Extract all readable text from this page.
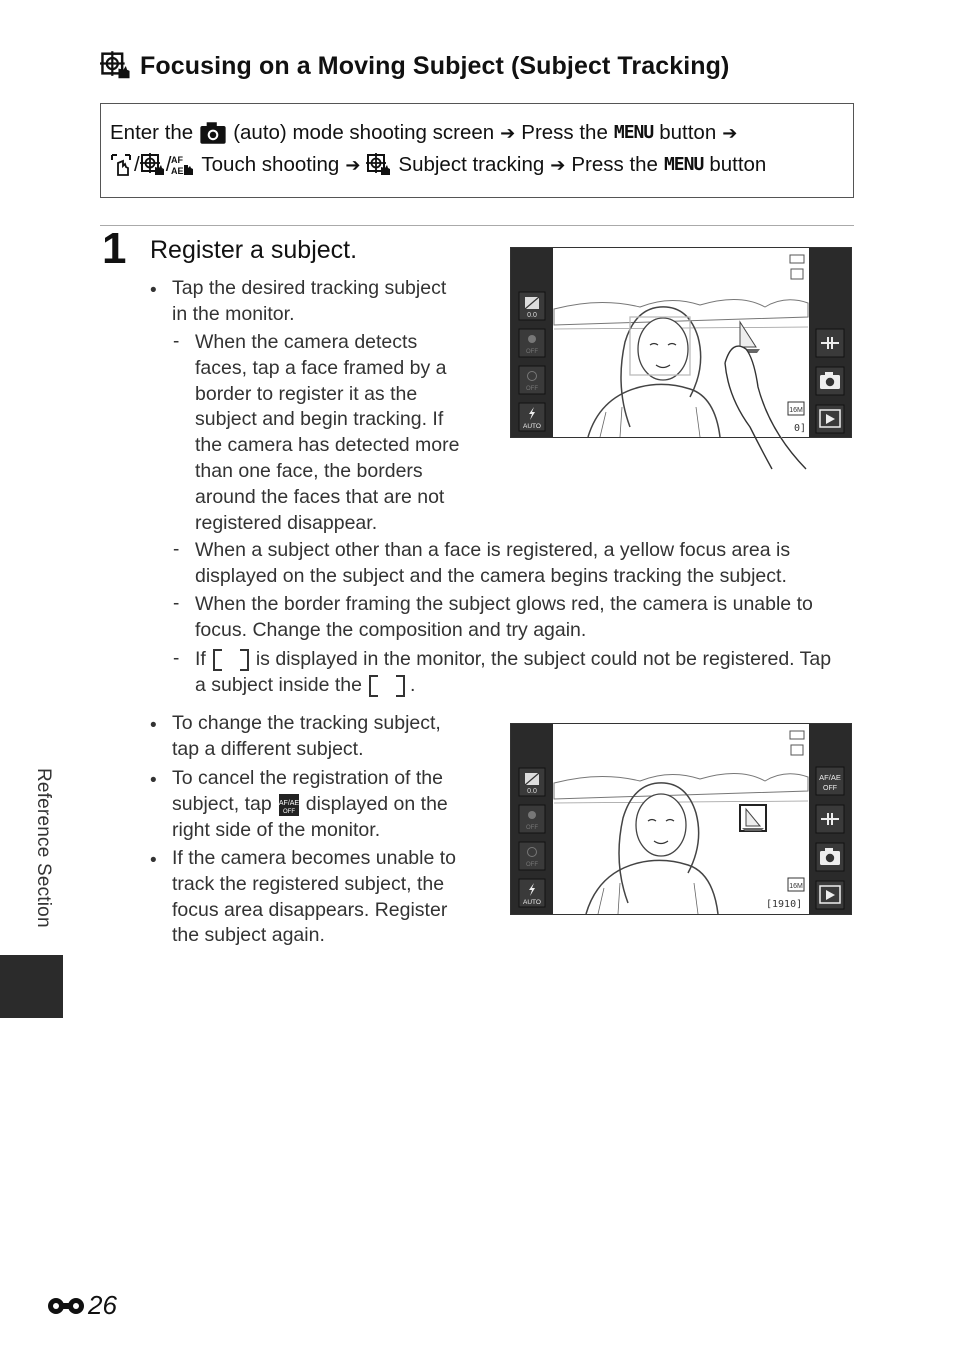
Focusing on a Moving Subject (Subject Tracking)
Enter the (auto) mode shooting screen ➔ Press the MENU button ➔
/ / AF
AE Touch shooting ➔ Subject tracking ➔ Press the MENU button
1 Register a subject.
• Tap the desired tracking subject
in the monitor.
- When the camera detects
faces, tap a face framed by a
border to register it as the
subject and begin tracking. If
the camera has detected more
than one face, the borders
around the faces that are not
registered disappear.
- When a subject other than a face is registered, a yellow focus area is
displayed on the subject and the camera begins tracking the subject.
- When the border framing the subject glows red, the camera is unable to
focus. Change the composition and try again.
- If	is displayed in the monitor, the subject could not be registered. Tap
a subject inside the .
• To change the tracking subject,
tap a different subject.
• To cancel the registration of the
subject, tap AF/AE
OFF displayed on the
right side of the monitor.
• If the camera becomes unable to
track the registered subject, the
focus area disappears. Register
the subject again.
0.0
OFF
OFF
AUTO
16M
0]
0.0
OFF
OFF
AUTO
AF/AE
OFF
16M
[1910]
Reference Section
26
